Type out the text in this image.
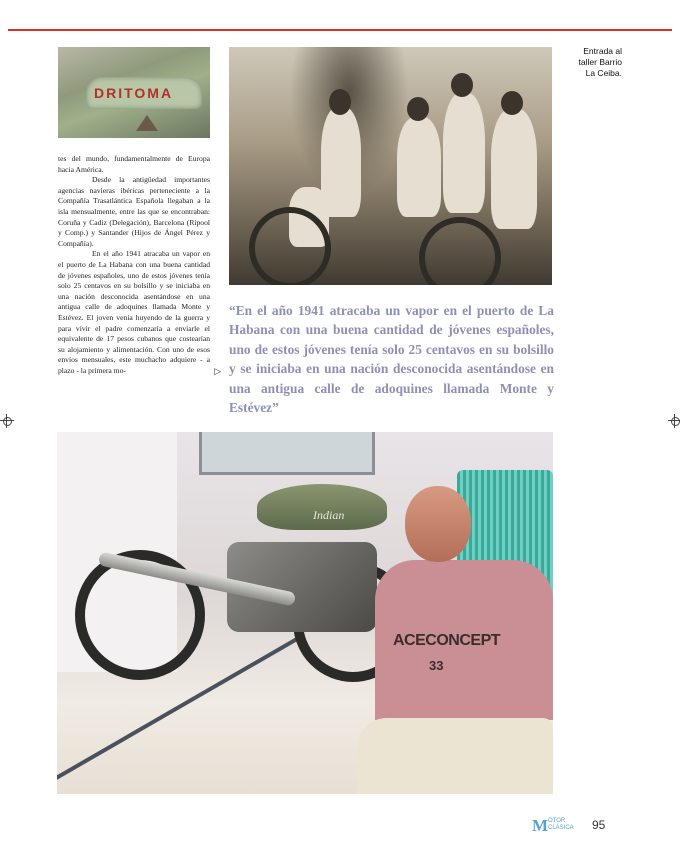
DRITOMA
Entrada al
taller Barrio
La Ceiba.

tes del mundo, fundamentalmente de Europa hacia América.

Desde la antigüedad importantes agencias navieras ibéricas perteneciente a la Compañía Trasatlántica Española llegaban a la isla mensualmente, entre las que se encontraban: Coruña y Cadiz (Delegación), Barcelona (Ripool y Comp.) y Santander (Hijos de Ángel Pérez y Compañía).

En el año 1941 atracaba un vapor en el puerto de La Habana con una buena cantidad de jóvenes españoles, uno de estos jóvenes tenía solo 25 centavos en su bolsillo y se iniciaba en una nación desconocida asentándose en una antigua calle de adoquines llamada Monte y Estévez. El joven venía huyendo de la guerra y para vivir el padre comenzaría a enviarle el equivalente de 17 pesos cubanos que costearían su alojamiento y alimentación. Con uno de esos envíos mensuales, este muchacho adquiere - a plazo - la primera mo-	▷
“En el año 1941 atracaba un vapor en el puerto de La Habana con una buena cantidad de jóvenes españoles, uno de estos jóvenes tenía solo 25 centavos en su bolsillo y se iniciaba en una nación desconocida asentándose en una antigua calle de adoquines llamada Monte y Estévez”
Indian
ACECONCEPT
33
M OTOR
CLÁSICA 95
